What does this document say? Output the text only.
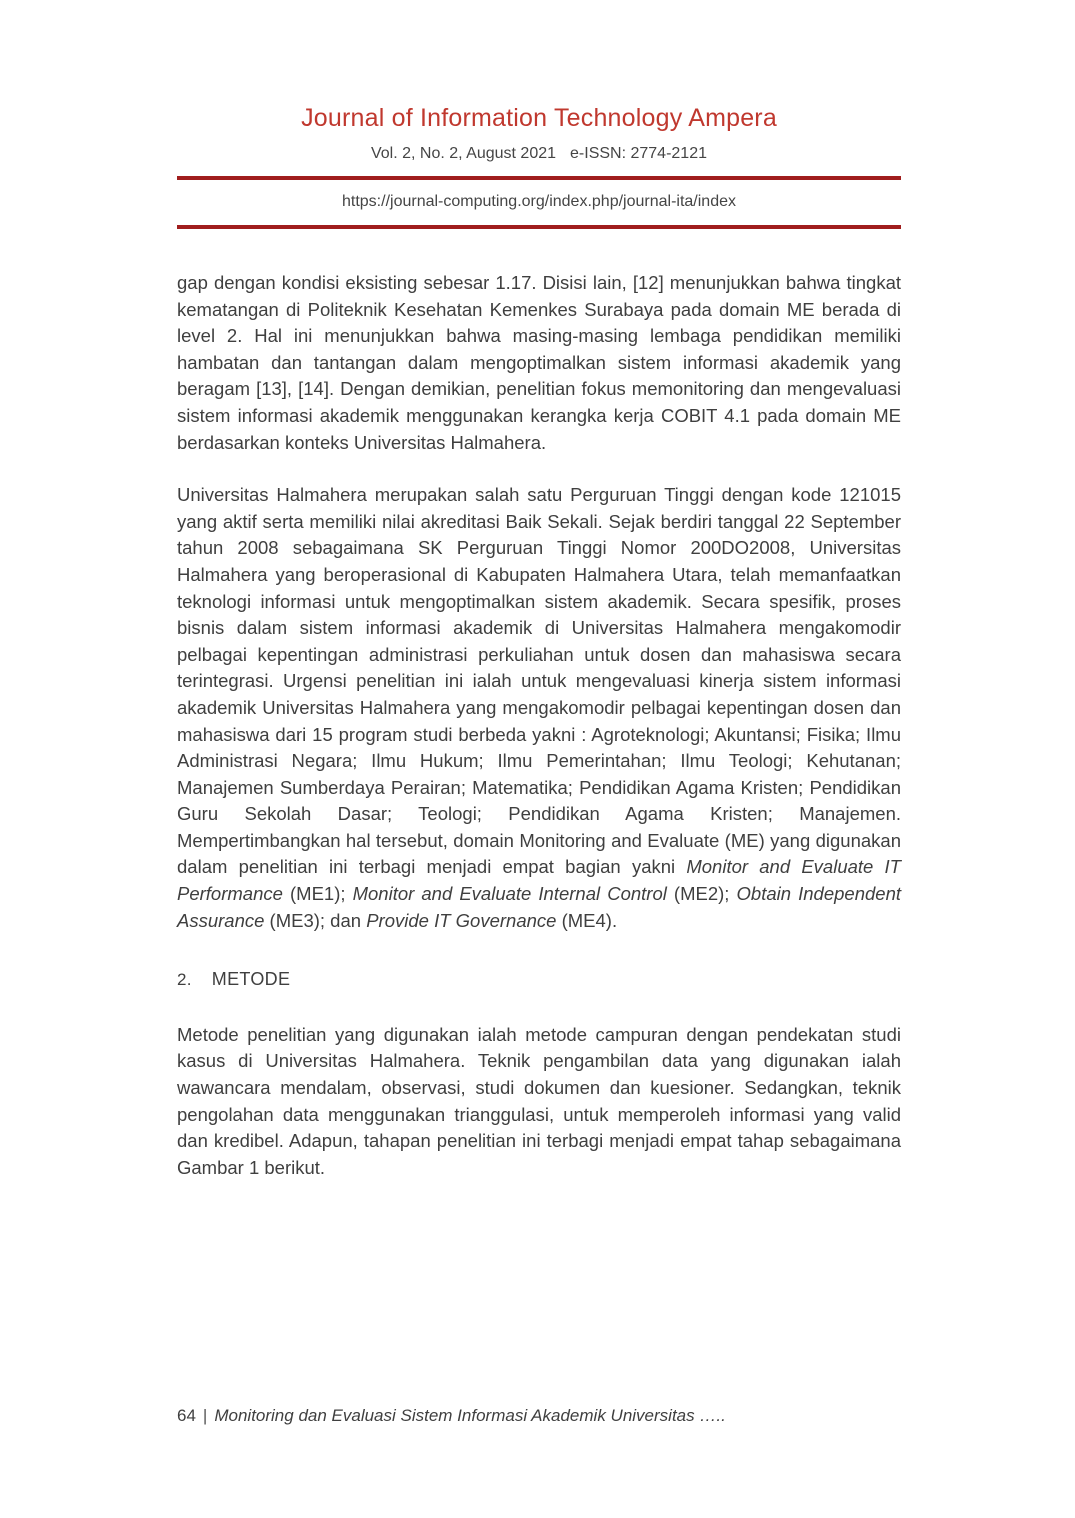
Journal of Information Technology Ampera
Vol. 2, No. 2, August 2021 e-ISSN: 2774-2121
https://journal-computing.org/index.php/journal-ita/index

gap dengan kondisi eksisting sebesar 1.17. Disisi lain, [12] menunjukkan bahwa tingkat kematangan di Politeknik Kesehatan Kemenkes Surabaya pada domain ME berada di level 2. Hal ini menunjukkan bahwa masing-masing lembaga pendidikan memiliki hambatan dan tantangan dalam mengoptimalkan sistem informasi akademik yang beragam [13], [14]. Dengan demikian, penelitian fokus memonitoring dan mengevaluasi sistem informasi akademik menggunakan kerangka kerja COBIT 4.1 pada domain ME berdasarkan konteks Universitas Halmahera.

Universitas Halmahera merupakan salah satu Perguruan Tinggi dengan kode 121015 yang aktif serta memiliki nilai akreditasi Baik Sekali. Sejak berdiri tanggal 22 September tahun 2008 sebagaimana SK Perguruan Tinggi Nomor 200DO2008, Universitas Halmahera yang beroperasional di Kabupaten Halmahera Utara, telah memanfaatkan teknologi informasi untuk mengoptimalkan sistem akademik. Secara spesifik, proses bisnis dalam sistem informasi akademik di Universitas Halmahera mengakomodir pelbagai kepentingan administrasi perkuliahan untuk dosen dan mahasiswa secara terintegrasi. Urgensi penelitian ini ialah untuk mengevaluasi kinerja sistem informasi akademik Universitas Halmahera yang mengakomodir pelbagai kepentingan dosen dan mahasiswa dari 15 program studi berbeda yakni : Agroteknologi; Akuntansi; Fisika; Ilmu Administrasi Negara; Ilmu Hukum; Ilmu Pemerintahan; Ilmu Teologi; Kehutanan; Manajemen Sumberdaya Perairan; Matematika; Pendidikan Agama Kristen; Pendidikan Guru Sekolah Dasar; Teologi; Pendidikan Agama Kristen; Manajemen. Mempertimbangkan hal tersebut, domain Monitoring and Evaluate (ME) yang digunakan dalam penelitian ini terbagi menjadi empat bagian yakni Monitor and Evaluate IT Performance (ME1); Monitor and Evaluate Internal Control (ME2); Obtain Independent Assurance (ME3); dan Provide IT Governance (ME4).

2. METODE

Metode penelitian yang digunakan ialah metode campuran dengan pendekatan studi kasus di Universitas Halmahera. Teknik pengambilan data yang digunakan ialah wawancara mendalam, observasi, studi dokumen dan kuesioner. Sedangkan, teknik pengolahan data menggunakan trianggulasi, untuk memperoleh informasi yang valid dan kredibel. Adapun, tahapan penelitian ini terbagi menjadi empat tahap sebagaimana Gambar 1 berikut.

64 | Monitoring dan Evaluasi Sistem Informasi Akademik Universitas …..
